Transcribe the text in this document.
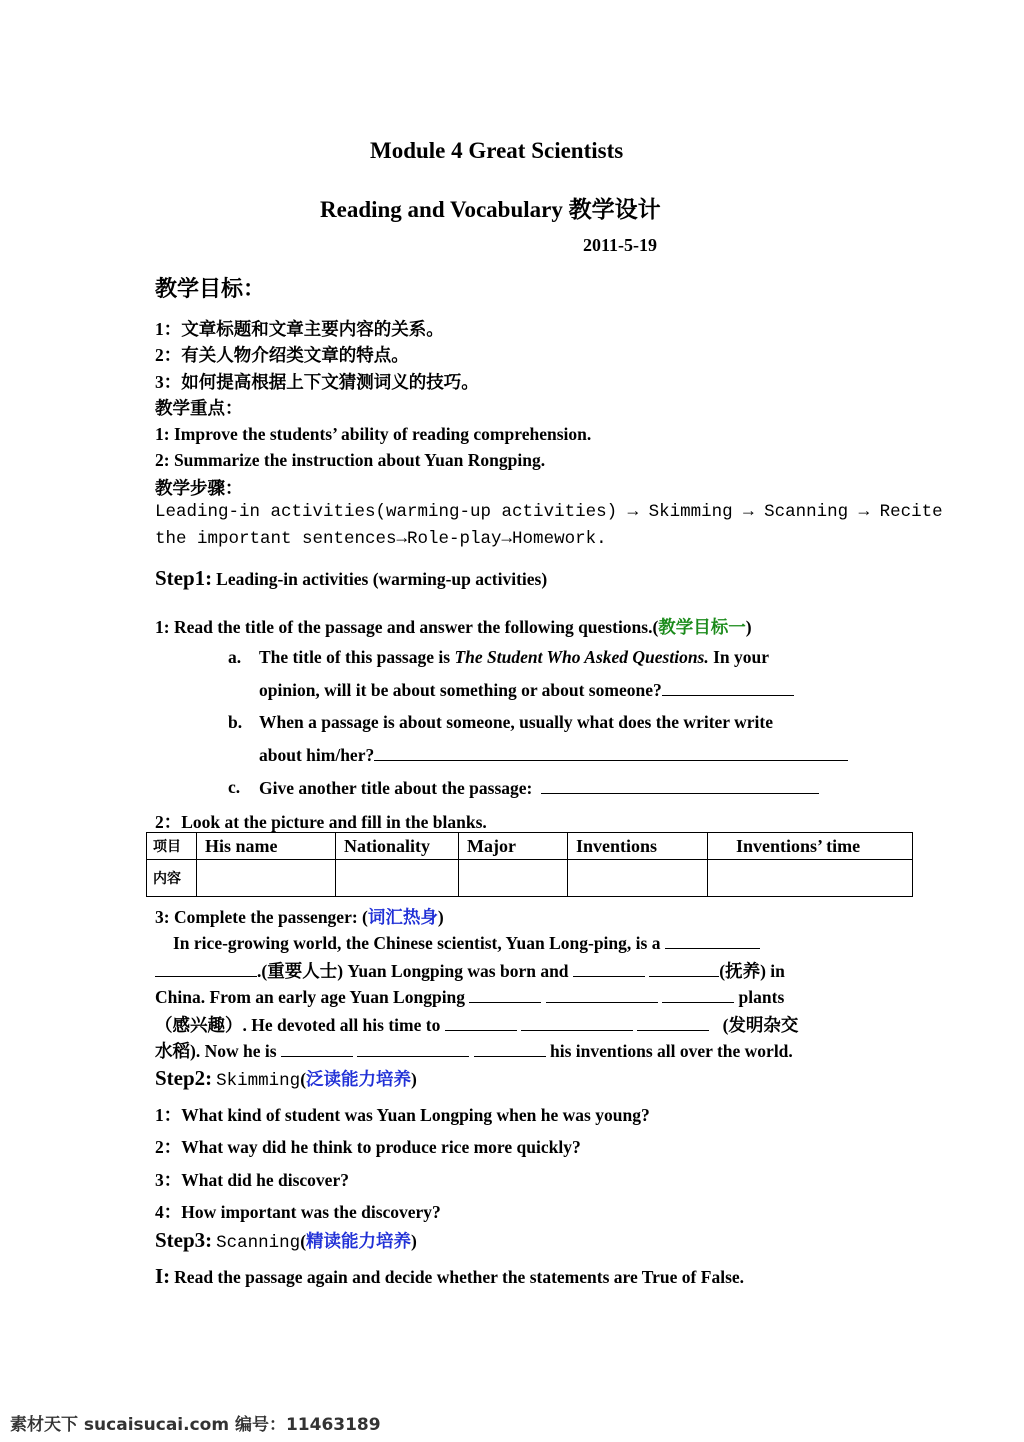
Module 4 Great Scientists
Reading and Vocabulary 教学设计
2011-5-19
教学目标：
1：文章标题和文章主要内容的关系。
2：有关人物介绍类文章的特点。
3：如何提高根据上下文猜测词义的技巧。
教学重点：
1: Improve the students’ ability of reading comprehension.
2: Summarize the instruction about Yuan Rongping.
教学步骤：
Leading-in activities(warming-up activities) → Skimming → Scanning → Recite
the important sentences→Role-play→Homework.
Step1: Leading-in activities (warming-up activities)
1: Read the title of the passage and answer the following questions.(教学目标一)
a. The title of this passage is The Student Who Asked Questions. In your
opinion, will it be about something or about someone?
b. When a passage is about someone, usually what does the writer write
about him/her?
c. Give another title about the passage:
2：Look at the picture and fill in the blanks.
项目	His name	Nationality	Major	Inventions	Inventions’ time
内容					
3: Complete the passenger: (词汇热身)
In rice-growing world, the Chinese scientist, Yuan Long-ping, is a
.(重要人士) Yuan Longping was born and	(抚养) in
China. From an early age Yuan Longping	plants
（感兴趣）. He devoted all his time to	(发明杂交
水稻). Now he is	his inventions all over the world.
Step2: Skimming(泛读能力培养)
1：What kind of student was Yuan Longping when he was young?
2：What way did he think to produce rice more quickly?
3：What did he discover?
4：How important was the discovery?
Step3: Scanning(精读能力培养)
I: Read the passage again and decide whether the statements are True of False.
素材天下 sucaisucai.com 编号：11463189
